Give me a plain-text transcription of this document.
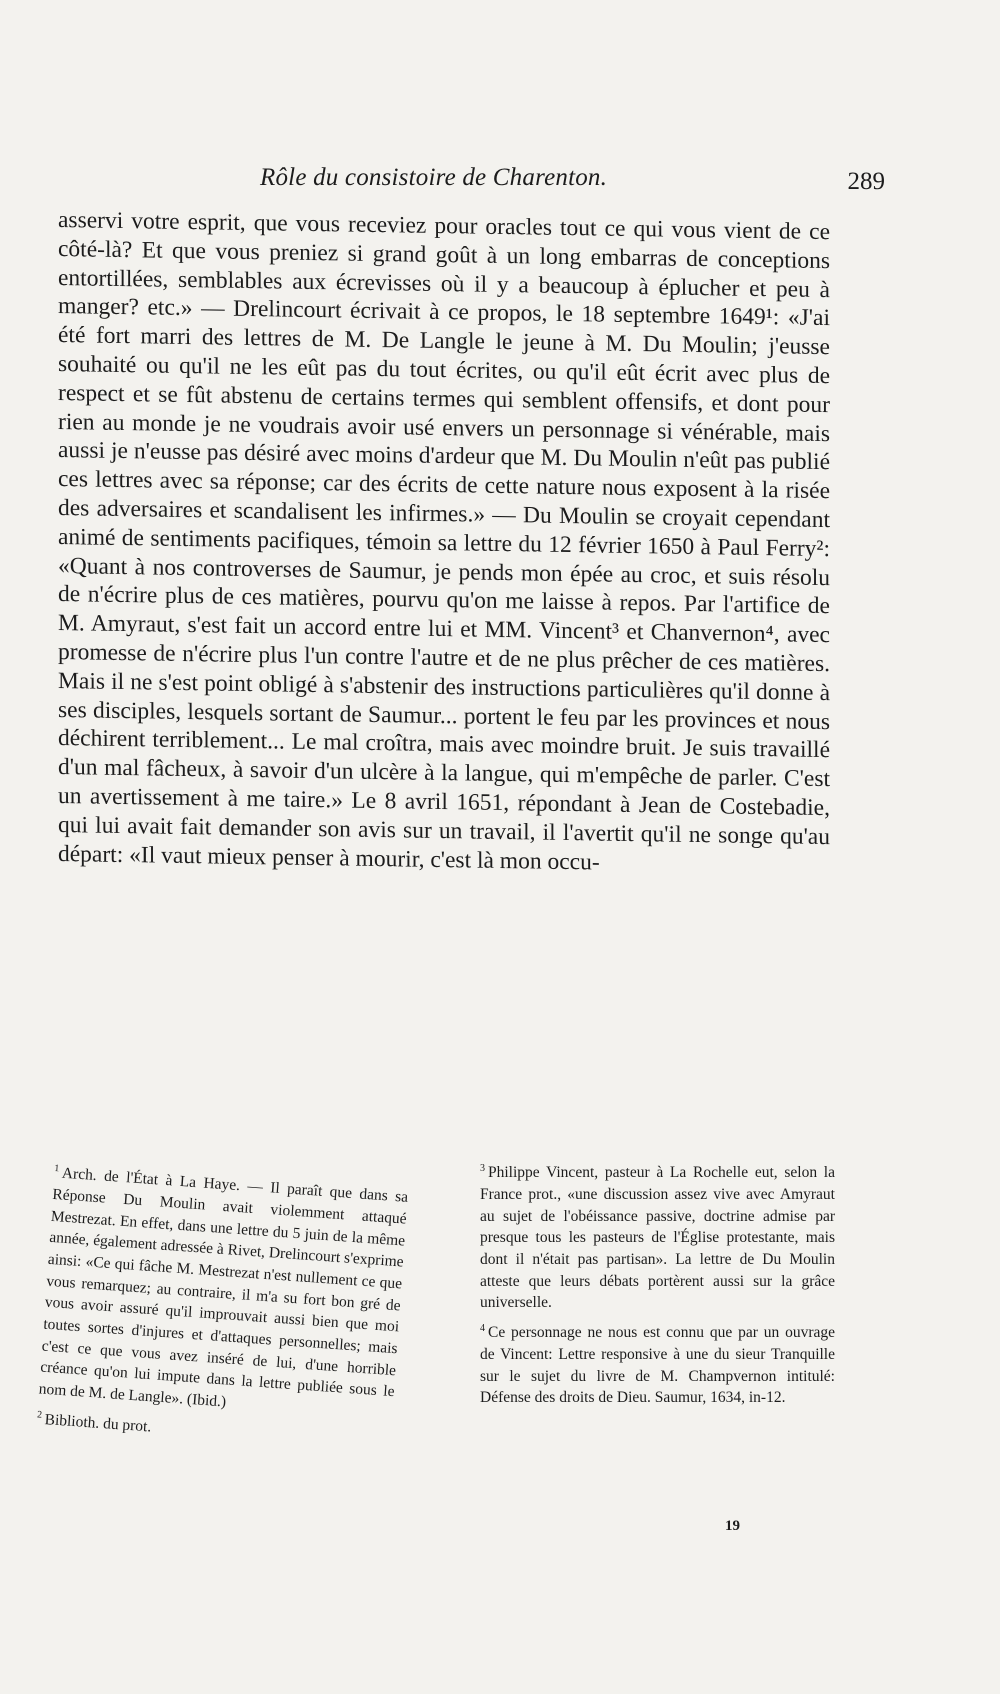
Rôle du consistoire de Charenton.	289

asservi votre esprit, que vous receviez pour oracles tout ce qui vous vient de ce côté-là? Et que vous preniez si grand goût à un long embarras de conceptions entortillées, semblables aux écrevisses où il y a beaucoup à éplucher et peu à manger? etc.» — Drelincourt écrivait à ce propos, le 18 septembre 1649¹: «J'ai été fort marri des lettres de M. De Langle le jeune à M. Du Moulin; j'eusse souhaité ou qu'il ne les eût pas du tout écrites, ou qu'il eût écrit avec plus de respect et se fût abstenu de certains termes qui semblent offensifs, et dont pour rien au monde je ne voudrais avoir usé envers un personnage si vénérable, mais aussi je n'eusse pas désiré avec moins d'ardeur que M. Du Moulin n'eût pas publié ces lettres avec sa réponse; car des écrits de cette nature nous exposent à la risée des adversaires et scandalisent les infirmes.» — Du Moulin se croyait cependant animé de sentiments pacifiques, témoin sa lettre du 12 février 1650 à Paul Ferry²: «Quant à nos controverses de Saumur, je pends mon épée au croc, et suis résolu de n'écrire plus de ces matières, pourvu qu'on me laisse à repos. Par l'artifice de M. Amyraut, s'est fait un accord entre lui et MM. Vincent³ et Chanvernon⁴, avec promesse de n'écrire plus l'un contre l'autre et de ne plus prêcher de ces matières. Mais il ne s'est point obligé à s'abstenir des instructions particulières qu'il donne à ses disciples, lesquels sortant de Saumur... portent le feu par les provinces et nous déchirent terriblement... Le mal croîtra, mais avec moindre bruit. Je suis travaillé d'un mal fâcheux, à savoir d'un ulcère à la langue, qui m'empêche de parler. C'est un avertissement à me taire.» Le 8 avril 1651, répondant à Jean de Costebadie, qui lui avait fait demander son avis sur un travail, il l'avertit qu'il ne songe qu'au départ: «Il vaut mieux penser à mourir, c'est là mon occu-

$^1$ Arch. de l'État à La Haye. — Il paraît que dans sa Réponse Du Moulin avait violemment attaqué Mestrezat. En effet, dans une lettre du 5 juin de la même année, également adressée à Rivet, Drelincourt s'exprime ainsi: «Ce qui fâche M. Mestrezat n'est nullement ce que vous remarquez; au contraire, il m'a su fort bon gré de vous avoir assuré qu'il improuvait aussi bien que moi toutes sortes d'injures et d'attaques personnelles; mais c'est ce que vous avez inséré de lui, d'une horrible créance qu'on lui impute dans la lettre publiée sous le nom de M. de Langle». (Ibid.)

$^2$ Biblioth. du prot.

$^3$ Philippe Vincent, pasteur à La Rochelle eut, selon la France prot., «une discussion assez vive avec Amyraut au sujet de l'obéissance passive, doctrine admise par presque tous les pasteurs de l'Église protestante, mais dont il n'était pas partisan». La lettre de Du Moulin atteste que leurs débats portèrent aussi sur la grâce universelle.

$^4$ Ce personnage ne nous est connu que par un ouvrage de Vincent: Lettre responsive à une du sieur Tranquille sur le sujet du livre de M. Champvernon intitulé: Défense des droits de Dieu. Saumur, 1634, in-12.

19
